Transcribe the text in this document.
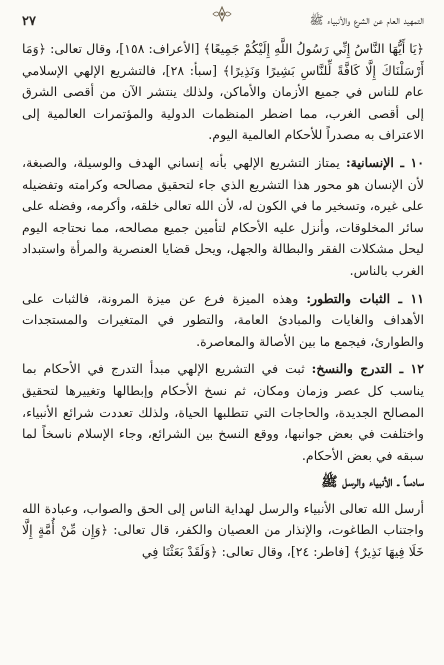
التمهيد العام عن الشرع والأنبياء ﷺ
٢٧

﴿يَا أَيُّهَا النَّاسُ إِنِّي رَسُولُ اللَّهِ إِلَيْكُمْ جَمِيعًا﴾ [الأعراف: ١٥٨]، وقال تعالى: ﴿وَمَا أَرْسَلْنَاكَ إِلَّا كَافَّةً لِّلنَّاسِ بَشِيرًا وَنَذِيرًا﴾ [سبأ: ٢٨]، فالتشريع الإلهي الإسلامي عام للناس في جميع الأزمان والأماكن، ولذلك ينتشر الآن من أقصى الشرق إلى أقصى الغرب، مما اضطر المنظمات الدولية والمؤتمرات العالمية إلى الاعتراف به مصدراً للأحكام العالمية اليوم.

١٠ ـ الإنسانية: يمتاز التشريع الإلهي بأنه إنساني الهدف والوسيلة، والصبغة، لأن الإنسان هو محور هذا التشريع الذي جاء لتحقيق مصالحه وكرامته وتفضيله على غيره، وتسخير ما في الكون له، لأن الله تعالى خلقه، وأكرمه، وفضله على سائر المخلوقات، وأنزل عليه الأحكام لتأمين جميع مصالحه، مما نحتاجه اليوم ليحل مشكلات الفقر والبطالة والجهل، ويحل قضايا العنصرية والمرأة واستبداد الغرب بالناس.

١١ ـ الثبات والتطور: وهذه الميزة فرع عن ميزة المرونة، فالثبات على الأهداف والغايات والمبادئ العامة، والتطور في المتغيرات والمستجدات والطوارئ، فيجمع ما بين الأصالة والمعاصرة.

١٢ ـ التدرج والنسخ: ثبت في التشريع الإلهي مبدأ التدرج في الأحكام بما يناسب كل عصر وزمان ومكان، ثم نسخ الأحكام وإبطالها وتغييرها لتحقيق المصالح الجديدة، والحاجات التي تتطلبها الحياة، ولذلك تعددت شرائع الأنبياء، واختلفت في بعض جوانبها، ووقع النسخ بين الشرائع، وجاء الإسلام ناسخاً لما سبقه في بعض الأحكام.

سادساً ـ الأنبياء والرسل ﷺ

أرسل الله تعالى الأنبياء والرسل لهداية الناس إلى الحق والصواب، وعبادة الله واجتناب الطاغوت، والإنذار من العصيان والكفر، قال تعالى: ﴿وَإِن مِّنْ أُمَّةٍ إِلَّا خَلَا فِيهَا نَذِيرٌ﴾ [فاطر: ٢٤]، وقال تعالى: ﴿وَلَقَدْ بَعَثْنَا فِي
